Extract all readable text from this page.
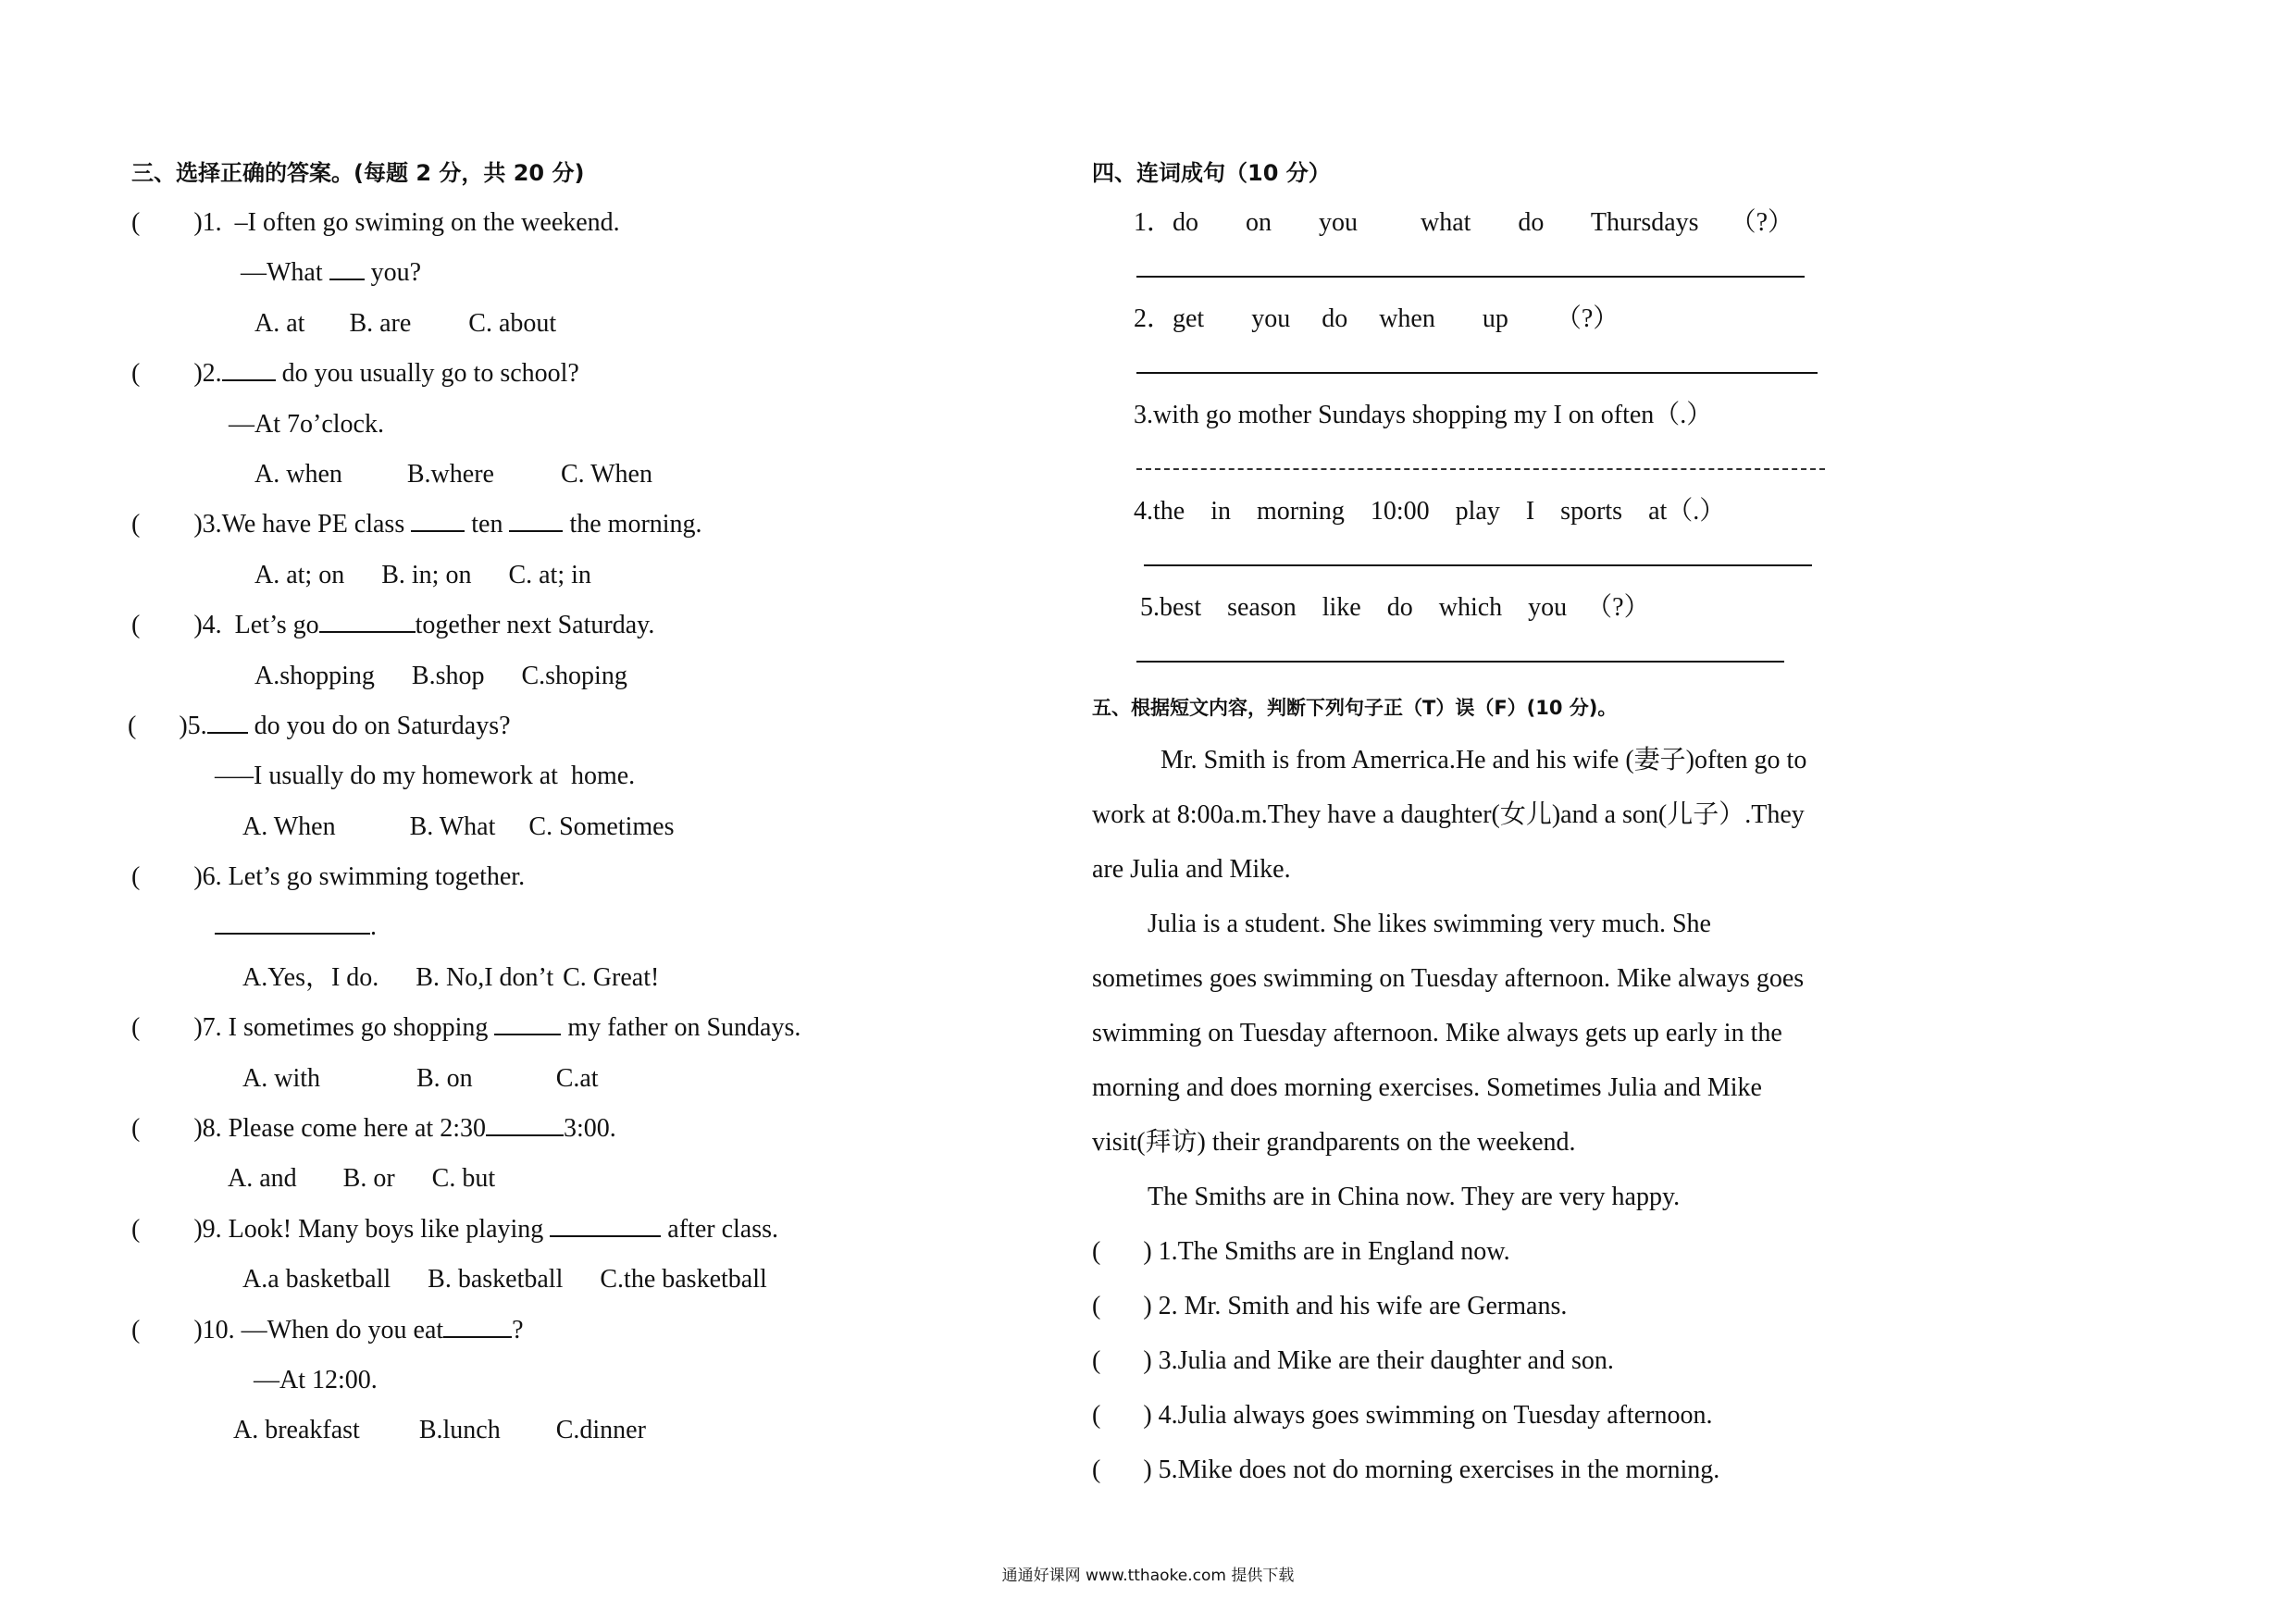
三、选择正确的答案。(每题 2 分，共 20 分)
( )1. –I often go swiming on the weekend.
—What you?
A. at B. are C. about
( )2. do you usually go to school?
—At 7o’clock.
A. when	B.where	C. When
( )3.We have PE class	ten	the morning.
A. at; on B. in; on C. at; in
( )4.  Let’s go	together next Saturday.
A.shopping B.shop C.shoping
( )5. do you do on Saturdays?
—–I usually do my homework at  home.
A. When	B. What C. Sometimes
( )6. Let’s go swimming together.
.
A.Yes，I do. B. No,I don’t C. Great!
( )7. I sometimes go shopping	my father on Sundays.
A. with	B. on	C.at
( )8. Please come here at 2:30	3:00.
A. and B. or C. but
( )9. Look! Many boys like playing	after class.
A.a basketball B. basketball C.the basketball
( )10. —When do you eat	?
—At 12:00.
A. breakfast B.lunch C.dinner
四、连词成句（10 分）
1．do   on   you    what   do   Thursdays  （?）
2．get   you  do  when   up   （?）
3.with go mother Sundays shopping my I on often（.）
4.the    in    morning    10:00    play    I    sports    at（.）
5.best    season    like    do    which    you   （?）
五、根据短文内容，判断下列句子正（T）误（F）(10 分)。

Mr. Smith is from Amerrica.He and his wife (妻子)often go to work at 8:00a.m.They have a daughter(女儿)and a son(儿子）.They are Julia and Mike.

Julia is a student. She likes swimming very much. She sometimes goes swimming on Tuesday afternoon. Mike always goes swimming on Tuesday afternoon. Mike always gets up early in the morning and does morning exercises. Sometimes Julia and Mike visit(拜访) their grandparents on the weekend.

The Smiths are in China now. They are very happy.

( ) 1.The Smiths are in England now.
( ) 2. Mr. Smith and his wife are Germans.
( ) 3.Julia and Mike are their daughter and son.
( ) 4.Julia always goes swimming on Tuesday afternoon.
( ) 5.Mike does not do morning exercises in the morning.
通通好课网 www.tthaoke.com 提供下载
